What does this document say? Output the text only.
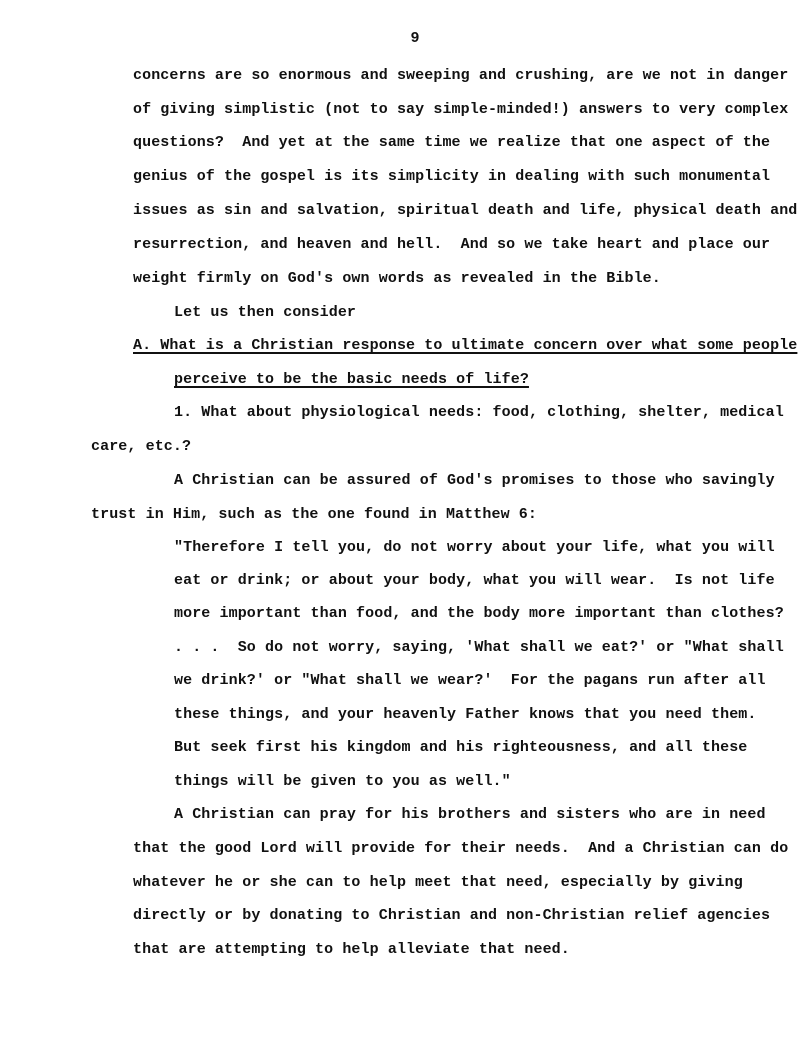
9
concerns are so enormous and sweeping and crushing, are we not in danger
of giving simplistic (not to say simple-minded!) answers to very complex
questions?  And yet at the same time we realize that one aspect of the
genius of the gospel is its simplicity in dealing with such monumental
issues as sin and salvation, spiritual death and life, physical death and
resurrection, and heaven and hell.  And so we take heart and place our
weight firmly on God's own words as revealed in the Bible.
Let us then consider
A. What is a Christian response to ultimate concern over what some people
perceive to be the basic needs of life?
1. What about physiological needs: food, clothing, shelter, medical
care, etc.?
A Christian can be assured of God's promises to those who savingly
trust in Him, such as the one found in Matthew 6:
"Therefore I tell you, do not worry about your life, what you will
eat or drink; or about your body, what you will wear.  Is not life
more important than food, and the body more important than clothes?
. . .  So do not worry, saying, 'What shall we eat?' or "What shall
we drink?' or "What shall we wear?'  For the pagans run after all
these things, and your heavenly Father knows that you need them.
But seek first his kingdom and his righteousness, and all these
things will be given to you as well."
A Christian can pray for his brothers and sisters who are in need
that the good Lord will provide for their needs.  And a Christian can do
whatever he or she can to help meet that need, especially by giving
directly or by donating to Christian and non-Christian relief agencies
that are attempting to help alleviate that need.
